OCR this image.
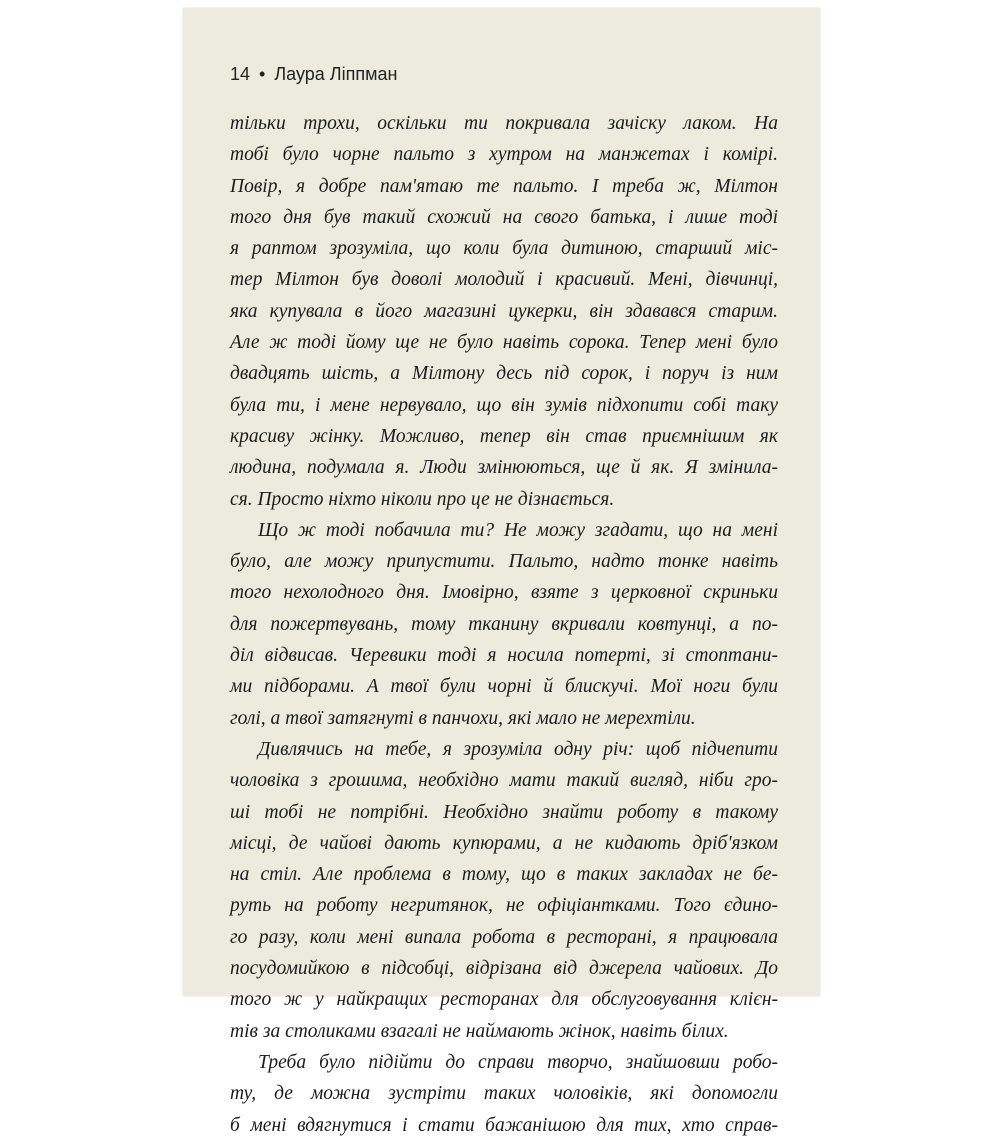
14 • Лаура Ліппман
тільки трохи, оскільки ти покривала зачіску лаком. На
тобі було чорне пальто з хутром на манжетах і комірі.
Повір, я добре пам'ятаю те пальто. І треба ж, Мілтон
того дня був такий схожий на свого батька, і лише тоді
я раптом зрозуміла, що коли була дитиною, старший міс-
тер Мілтон був доволі молодий і красивий. Мені, дівчинці,
яка купувала в його магазині цукерки, він здавався старим.
Але ж тоді йому ще не було навіть сорока. Тепер мені було
двадцять шість, а Мілтону десь під сорок, і поруч із ним
була ти, і мене нервувало, що він зумів підхопити собі таку
красиву жінку. Можливо, тепер він став приємнішим як
людина, подумала я. Люди змінюються, ще й як. Я змінила-
ся. Просто ніхто ніколи про це не дізнається.
Що ж тоді побачила ти? Не можу згадати, що на мені
було, але можу припустити. Пальто, надто тонке навіть
того нехолодного дня. Імовірно, взяте з церковної скриньки
для пожертвувань, тому тканину вкривали ковтунці, а по-
діл відвисав. Черевики тоді я носила потерті, зі стоптани-
ми підборами. А твої були чорні й блискучі. Мої ноги були
голі, а твої затягнуті в панчохи, які мало не мерехтіли.
Дивлячись на тебе, я зрозуміла одну річ: щоб підчепити
чоловіка з грошима, необхідно мати такий вигляд, ніби гро-
ші тобі не потрібні. Необхідно знайти роботу в такому
місці, де чайові дають купюрами, а не кидають дріб'язком
на стіл. Але проблема в тому, що в таких закладах не бе-
руть на роботу негритянок, не офіціантками. Того єдино-
го разу, коли мені випала робота в ресторані, я працювала
посудомийкою в підсобці, відрізана від джерела чайових. До
того ж у найкращих ресторанах для обслуговування клієн-
тів за столиками взагалі не наймають жінок, навіть білих.
Треба було підійти до справи творчо, знайшовши робо-
ту, де можна зустріти таких чоловіків, які допомогли
б мені вдягнутися і стати бажанішою для тих, хто справ-
